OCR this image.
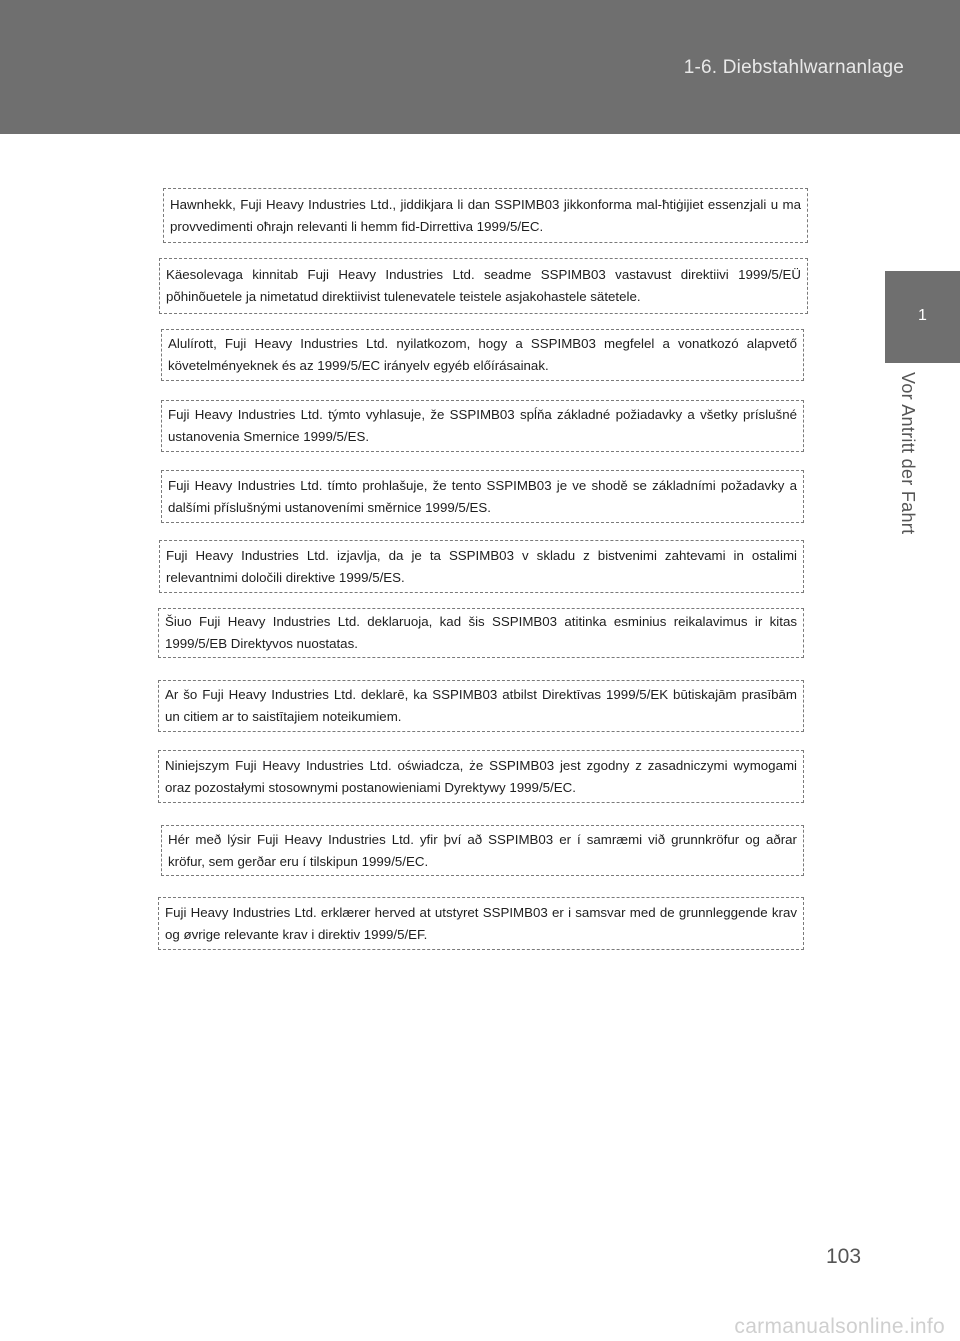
1-6. Diebstahlwarnanlage
1
Vor Antritt der Fahrt

Hawnhekk, Fuji Heavy Industries Ltd., jiddikjara li dan SSPIMB03 jikkonforma mal-ħtiġijiet essenzjali u ma provvedimenti oħrajn relevanti li hemm fid-Dirrettiva 1999/5/EC.

Käesolevaga kinnitab Fuji Heavy Industries Ltd. seadme SSPIMB03 vastavust direktiivi 1999/5/EÜ põhinõuetele ja nimetatud direktiivist tulenevatele teistele asjakohastele sätetele.

Alulírott, Fuji Heavy Industries Ltd. nyilatkozom, hogy a SSPIMB03 megfelel a vonatkozó alapvető követelményeknek és az 1999/5/EC irányelv egyéb előírásainak.

Fuji Heavy Industries Ltd. týmto vyhlasuje, že SSPIMB03 spĺňa základné požiadavky a všetky príslušné ustanovenia Smernice 1999/5/ES.

Fuji Heavy Industries Ltd. tímto prohlašuje, že tento SSPIMB03 je ve shodě se základními požadavky a dalšími příslušnými ustanoveními směrnice 1999/5/ES.

Fuji Heavy Industries Ltd. izjavlja, da je ta SSPIMB03 v skladu z bistvenimi zahtevami in ostalimi relevantnimi določili direktive 1999/5/ES.

Šiuo Fuji Heavy Industries Ltd. deklaruoja, kad šis SSPIMB03 atitinka esminius reikalavimus ir kitas 1999/5/EB Direktyvos nuostatas.

Ar šo Fuji Heavy Industries Ltd. deklarē, ka SSPIMB03 atbilst Direktīvas 1999/5/EK būtiskajām prasībām un citiem ar to saistītajiem noteikumiem.

Niniejszym Fuji Heavy Industries Ltd. oświadcza, że SSPIMB03 jest zgodny z zasadniczymi wymogami oraz pozostałymi stosownymi postanowieniami Dyrektywy 1999/5/EC.

Hér með lýsir Fuji Heavy Industries Ltd. yfir því að SSPIMB03 er í samræmi við grunnkröfur og aðrar kröfur, sem gerðar eru í tilskipun 1999/5/EC.

Fuji Heavy Industries Ltd. erklærer herved at utstyret SSPIMB03 er i samsvar med de grunnleggende krav og øvrige relevante krav i direktiv 1999/5/EF.

103
carmanualsonline.info
